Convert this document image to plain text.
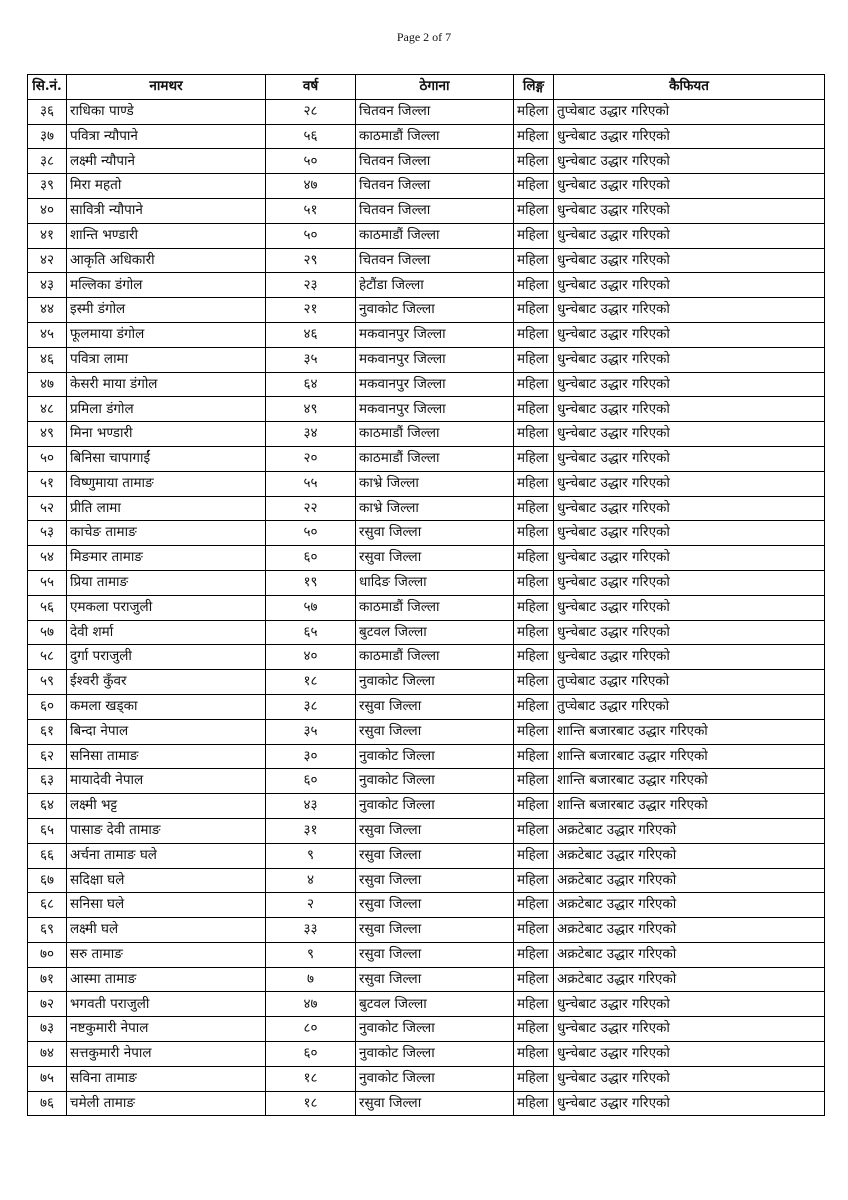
Page 2 of 7
सि.नं.	नामथर	वर्ष	ठेगाना	लिङ्ग	कैफियत
३६	राधिका पाण्डे	२८	चितवन जिल्ला	महिला	तुप्चेबाट उद्धार गरिएको
३७	पवित्रा न्यौपाने	५६	काठमाडौं जिल्ला	महिला	धुन्चेबाट उद्धार गरिएको
३८	लक्ष्मी न्यौपाने	५०	चितवन जिल्ला	महिला	धुन्चेबाट उद्धार गरिएको
३९	मिरा महतो	४७	चितवन जिल्ला	महिला	धुन्चेबाट उद्धार गरिएको
४०	सावित्री न्यौपाने	५१	चितवन जिल्ला	महिला	धुन्चेबाट उद्धार गरिएको
४१	शान्ति भण्डारी	५०	काठमाडौं जिल्ला	महिला	धुन्चेबाट उद्धार गरिएको
४२	आकृति अधिकारी	२९	चितवन जिल्ला	महिला	धुन्चेबाट उद्धार गरिएको
४३	मल्लिका डंगोल	२३	हेटौंडा जिल्ला	महिला	धुन्चेबाट उद्धार गरिएको
४४	इस्मी डंगोल	२१	नुवाकोट जिल्ला	महिला	धुन्चेबाट उद्धार गरिएको
४५	फूलमाया डंगोल	४६	मकवानपुर जिल्ला	महिला	धुन्चेबाट उद्धार गरिएको
४६	पवित्रा लामा	३५	मकवानपुर जिल्ला	महिला	धुन्चेबाट उद्धार गरिएको
४७	केसरी माया डंगोल	६४	मकवानपुर जिल्ला	महिला	धुन्चेबाट उद्धार गरिएको
४८	प्रमिला डंगोल	४९	मकवानपुर जिल्ला	महिला	धुन्चेबाट उद्धार गरिएको
४९	मिना भण्डारी	३४	काठमाडौं जिल्ला	महिला	धुन्चेबाट उद्धार गरिएको
५०	बिनिसा चापागाईं	२०	काठमाडौं जिल्ला	महिला	धुन्चेबाट उद्धार गरिएको
५१	विष्णुमाया तामाङ	५५	काभ्रे जिल्ला	महिला	धुन्चेबाट उद्धार गरिएको
५२	प्रीति लामा	२२	काभ्रे जिल्ला	महिला	धुन्चेबाट उद्धार गरिएको
५३	काचेङ तामाङ	५०	रसुवा जिल्ला	महिला	धुन्चेबाट उद्धार गरिएको
५४	मिङमार तामाङ	६०	रसुवा जिल्ला	महिला	धुन्चेबाट उद्धार गरिएको
५५	प्रिया तामाङ	१९	धादिङ जिल्ला	महिला	धुन्चेबाट उद्धार गरिएको
५६	एमकला पराजुली	५७	काठमाडौं जिल्ला	महिला	धुन्चेबाट उद्धार गरिएको
५७	देवी शर्मा	६५	बुटवल जिल्ला	महिला	धुन्चेबाट उद्धार गरिएको
५८	दुर्गा पराजुली	४०	काठमाडौं जिल्ला	महिला	धुन्चेबाट उद्धार गरिएको
५९	ईश्वरी कुँवर	१८	नुवाकोट जिल्ला	महिला	तुप्चेबाट उद्धार गरिएको
६०	कमला खड्का	३८	रसुवा जिल्ला	महिला	तुप्चेबाट उद्धार गरिएको
६१	बिन्दा नेपाल	३५	रसुवा जिल्ला	महिला	शान्ति बजारबाट उद्धार गरिएको
६२	सनिसा तामाङ	३०	नुवाकोट जिल्ला	महिला	शान्ति बजारबाट उद्धार गरिएको
६३	मायादेवी नेपाल	६०	नुवाकोट जिल्ला	महिला	शान्ति बजारबाट उद्धार गरिएको
६४	लक्ष्मी भट्ट	४३	नुवाकोट जिल्ला	महिला	शान्ति बजारबाट उद्धार गरिएको
६५	पासाङ देवी तामाङ	३१	रसुवा जिल्ला	महिला	अक्रटेबाट उद्धार गरिएको
६६	अर्चना तामाङ घले	९	रसुवा जिल्ला	महिला	अक्रटेबाट उद्धार गरिएको
६७	सदिक्षा घले	४	रसुवा जिल्ला	महिला	अक्रटेबाट उद्धार गरिएको
६८	सनिसा घले	२	रसुवा जिल्ला	महिला	अक्रटेबाट उद्धार गरिएको
६९	लक्ष्मी घले	३३	रसुवा जिल्ला	महिला	अक्रटेबाट उद्धार गरिएको
७०	सरु तामाङ	९	रसुवा जिल्ला	महिला	अक्रटेबाट उद्धार गरिएको
७१	आस्मा तामाङ	७	रसुवा जिल्ला	महिला	अक्रटेबाट उद्धार गरिएको
७२	भगवती पराजुली	४७	बुटवल जिल्ला	महिला	धुन्चेबाट उद्धार गरिएको
७३	नष्टकुमारी नेपाल	८०	नुवाकोट जिल्ला	महिला	धुन्चेबाट उद्धार गरिएको
७४	सत्तकुमारी नेपाल	६०	नुवाकोट जिल्ला	महिला	धुन्चेबाट उद्धार गरिएको
७५	सविना तामाङ	१८	नुवाकोट जिल्ला	महिला	धुन्चेबाट उद्धार गरिएको
७६	चमेली तामाङ	१८	रसुवा जिल्ला	महिला	धुन्चेबाट उद्धार गरिएको
